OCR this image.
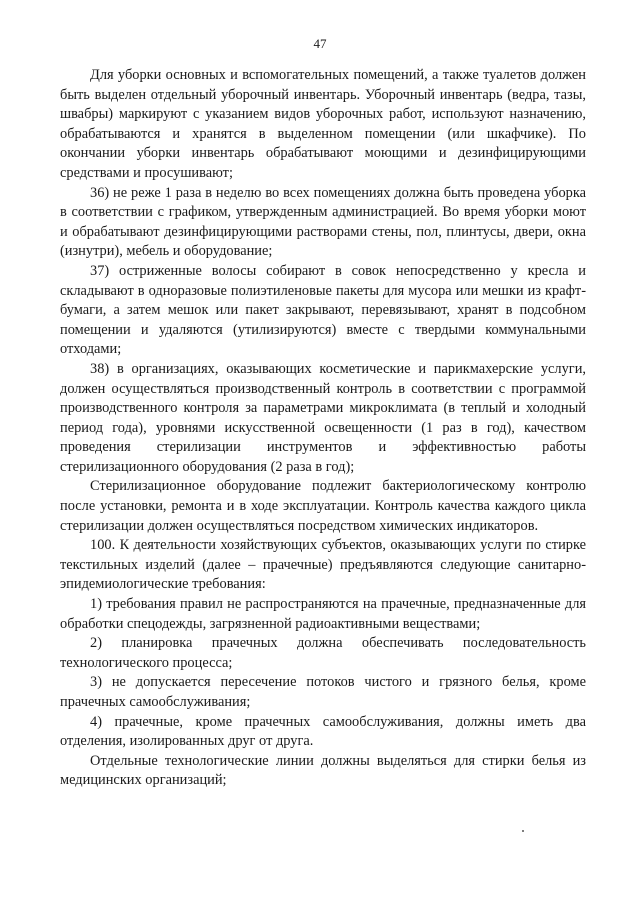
47

Для уборки основных и вспомогательных помещений, а также туалетов должен быть выделен отдельный уборочный инвентарь. Уборочный инвентарь (ведра, тазы, швабры) маркируют с указанием видов уборочных работ, используют назначению, обрабатываются и хранятся в выделенном помещении (или шкафчике). По окончании уборки инвентарь обрабатывают моющими и дезинфицирующими средствами и просушивают;

36) не реже 1 раза в неделю во всех помещениях должна быть проведена уборка в соответствии с графиком, утвержденным администрацией. Во время уборки моют и обрабатывают дезинфицирующими растворами стены, пол, плинтусы, двери, окна (изнутри), мебель и оборудование;

37) остриженные волосы собирают в совок непосредственно у кресла и складывают в одноразовые полиэтиленовые пакеты для мусора или мешки из крафт-бумаги, а затем мешок или пакет закрывают, перевязывают, хранят в подсобном помещении и удаляются (утилизируются) вместе с твердыми коммунальными отходами;

38) в организациях, оказывающих косметические и парикмахерские услуги, должен осуществляться производственный контроль в соответствии с программой производственного контроля за параметрами микроклимата (в теплый и холодный период года), уровнями искусственной освещенности (1 раз в год), качеством проведения стерилизации инструментов и эффективностью работы стерилизационного оборудования (2 раза в год);

Стерилизационное оборудование подлежит бактериологическому контролю после установки, ремонта и в ходе эксплуатации. Контроль качества каждого цикла стерилизации должен осуществляться посредством химических индикаторов.

100. К деятельности хозяйствующих субъектов, оказывающих услуги по стирке текстильных изделий (далее – прачечные) предъявляются следующие санитарно-эпидемиологические требования:

1) требования правил не распространяются на прачечные, предназначенные для обработки спецодежды, загрязненной радиоактивными веществами;

2) планировка прачечных должна обеспечивать последовательность технологического процесса;

3) не допускается пересечение потоков чистого и грязного белья, кроме прачечных самообслуживания;

4) прачечные, кроме прачечных самообслуживания, должны иметь два отделения, изолированных друг от друга.

Отдельные технологические линии должны выделяться для стирки белья из медицинских организаций;
